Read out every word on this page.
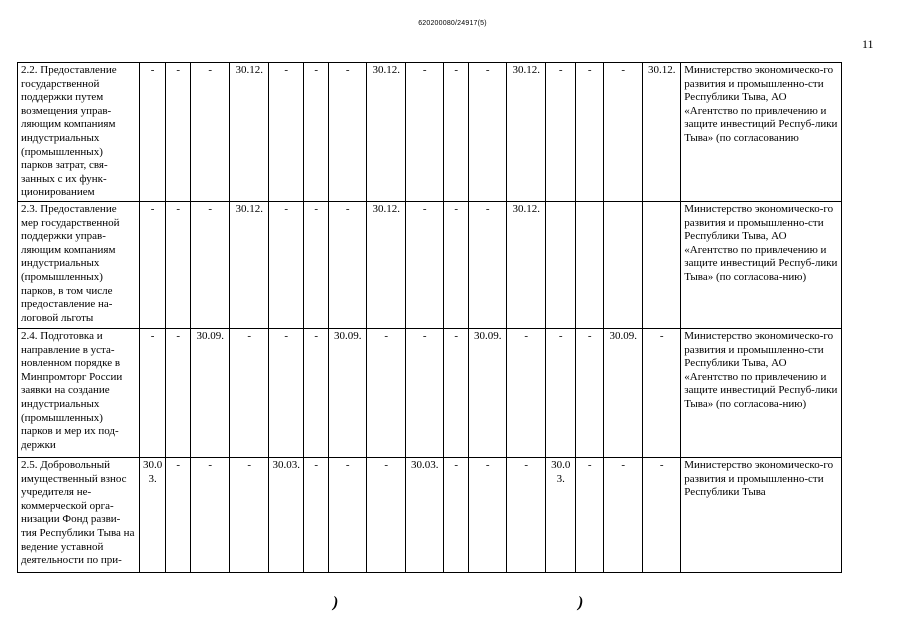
620200080/24917(5)
11
2.2. Предоставление государственной поддержки путем возмещения управ-ляющим компаниям индустриальных (промышленных) парков затрат, свя-занных с их функ-ционированием	-	-	-	30.12.	-	-	-	30.12.	-	-	-	30.12.	-	-	-	30.12.	Министерство экономическо-го развития и промышленно-сти Республики Тыва, АО «Агентство по привлечению и защите инвестиций Респуб-лики Тыва» (по согласованию
2.3. Предоставление мер государственной поддержки управ-ляющим компаниям индустриальных (промышленных) парков, в том числе предоставление на-логовой льготы	-	-	-	30.12.	-	-	-	30.12.	-	-	-	30.12.					Министерство экономическо-го развития и промышленно-сти Республики Тыва, АО «Агентство по привлечению и защите инвестиций Респуб-лики Тыва» (по согласова-нию)
2.4. Подготовка и направление в уста-новленном порядке в Минпромторг России заявки на создание индустриальных (промышленных) парков и мер их под-держки	-	-	30.09.	-	-	-	30.09.	-	-	-	30.09.	-	-	-	30.09.	-	Министерство экономическо-го развития и промышленно-сти Республики Тыва, АО «Агентство по привлечению и защите инвестиций Респуб-лики Тыва» (по согласова-нию)
2.5. Добровольный имущественный взнос учредителя не-коммерческой орга-низации Фонд разви-тия Республики Тыва на ведение уставной деятельности по при-	30.0 3.	-	-	-	30.03.	-	-	-	30.03.	-	-	-	30.0 3.	-	-	-	Министерство экономическо-го развития и промышленно-сти Республики Тыва
)	)
